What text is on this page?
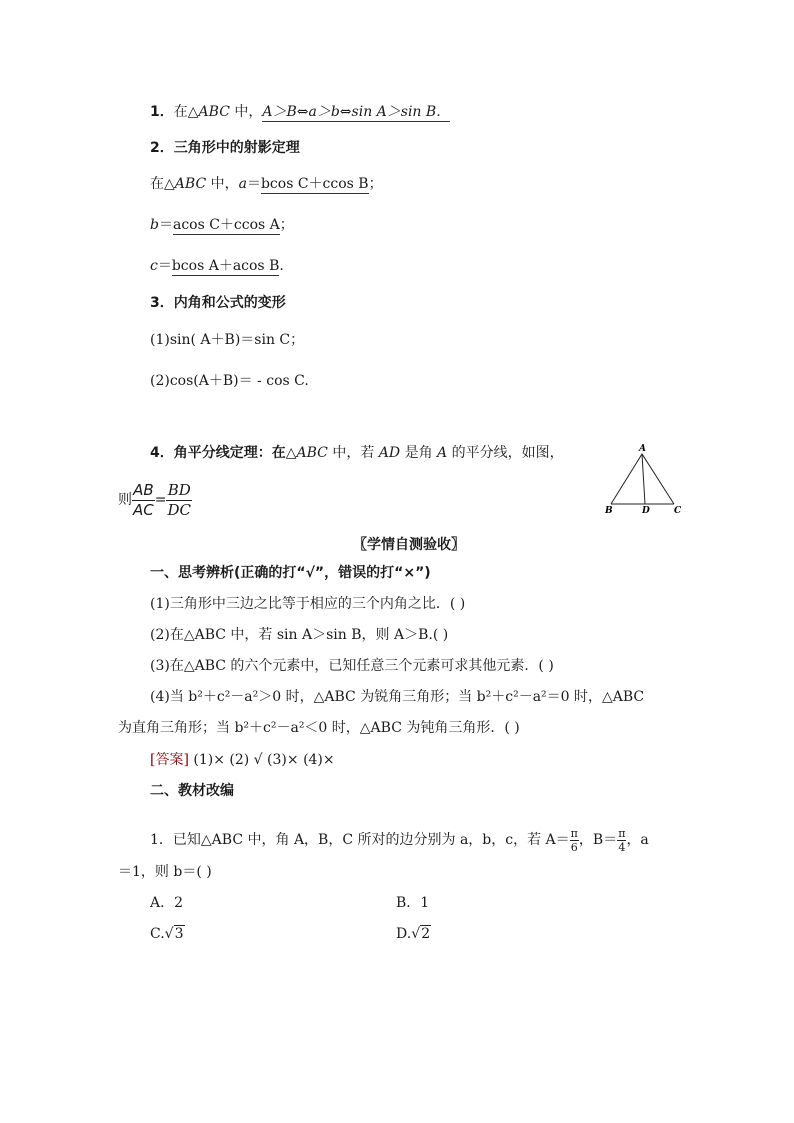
1．在△ABC 中，A＞B⇔a＞b⇔sin A＞sin B．
2．三角形中的射影定理
在△ABC 中，a＝bcos C＋ccos B；
b＝acos C＋ccos A；
c＝bcos A＋acos B.
3．内角和公式的变形
(1)sin( A＋B)＝sin C；
(2)cos(A＋B)＝ - cos C.
4．角平分线定理：在△ABC 中，若 AD 是角 A 的平分线，如图，
则 $\frac{AB}{AC} = \frac{BD}{DC}$
A
B	D	C
〖学情自测验收〗
一、思考辨析(正确的打“√”，错误的打“×”)
(1)三角形中三边之比等于相应的三个内角之比．( )
(2)在△ABC 中，若 sin A＞sin B，则 A＞B.( )
(3)在△ABC 的六个元素中，已知任意三个元素可求其他元素．( )
(4)当 b²＋c²－a²＞0 时，△ABC 为锐角三角形；当 b²＋c²－a²＝0 时，△ABC
为直角三角形；当 b²＋c²－a²＜0 时，△ABC 为钝角三角形．( )
[答案] (1)× (2) √ (3)× (4)×
二、教材改编
1．已知△ABC 中，角 A，B，C 所对的边分别为 a，b，c，若 $A= \frac{\pi}{6}$ ，$B= \frac{\pi}{4}$ ，a
＝1，则 b＝( )
A．2	B．1
C. √ 3	D. √ 2
